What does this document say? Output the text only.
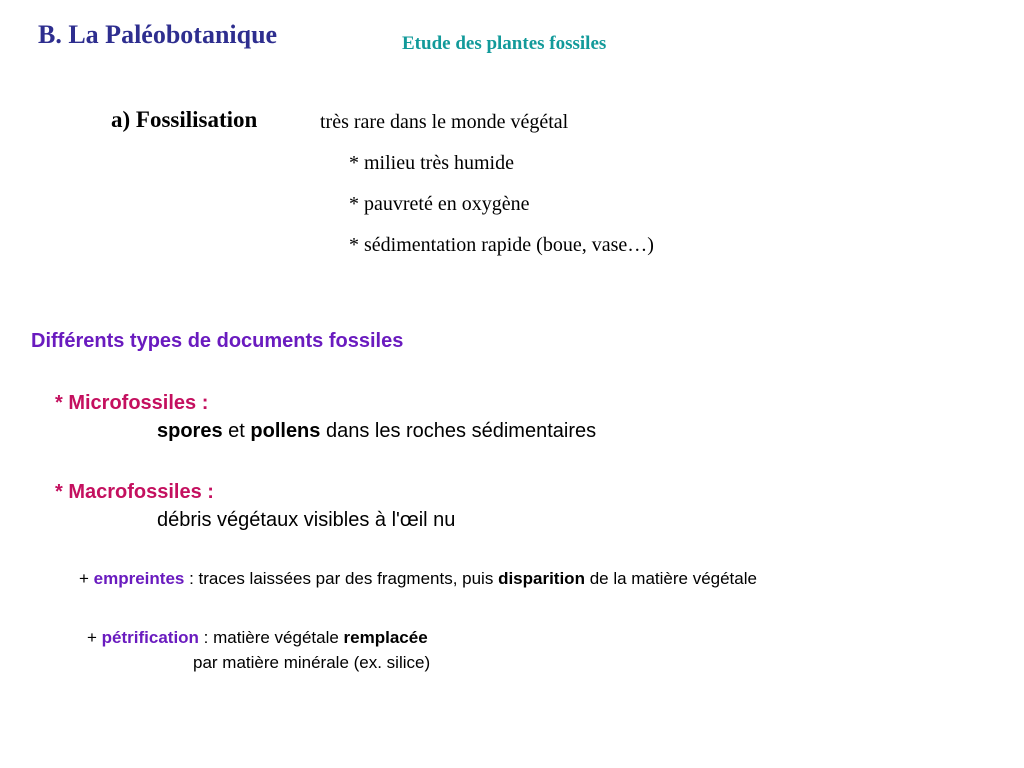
B. La Paléobotanique	Etude des plantes fossiles
a) Fossilisation	très rare dans le monde végétal
* milieu très humide
* pauvreté en oxygène
* sédimentation rapide (boue, vase…)
Différents types de documents fossiles
* Microfossiles :
spores et pollens dans les roches sédimentaires
* Macrofossiles :
débris végétaux visibles à l'œil nu
+ empreintes : traces laissées par des fragments, puis disparition de la matière végétale
+ pétrification : matière végétale remplacée
par matière minérale (ex. silice)
